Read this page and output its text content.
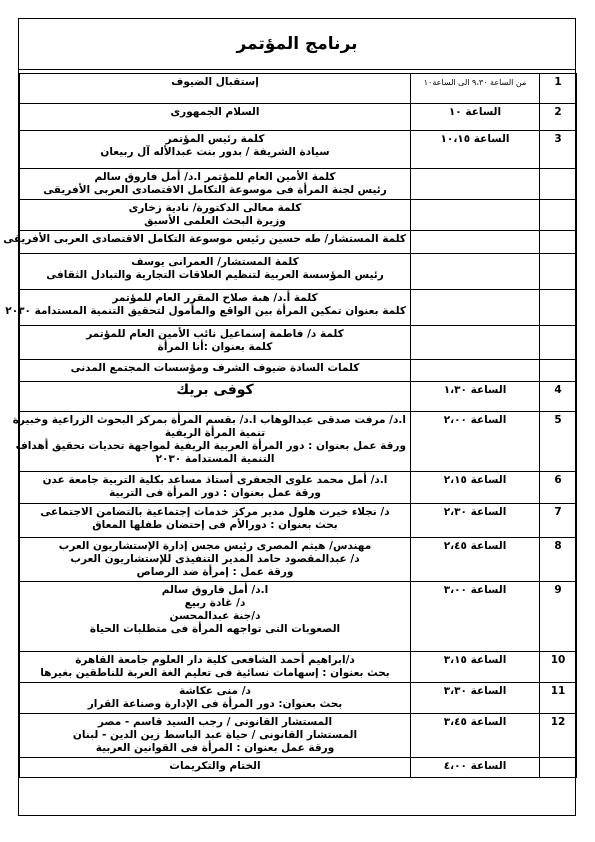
برنامج المؤتمر
1	من الساعة ٩،٣٠ الى الساعة١٠	إستقبال الضيوف

2	الساعة ١٠	السلام الجمهورى

3	الساعة ١٠،١٥	كلمة رئيس المؤتمر
سيادة الشريفة / بدور بنت عبدالأله آل ربيعان

		كلمة الأمين العام للمؤتمر ا.د/ أمل فاروق سالم
رئيس لجنة المرأة فى موسوعة التكامل الاقتصادى العربى الأفريقى

		كلمة معالى الدكتورة/ نادية زخارى
وزيرة البحث العلمى الأسبق

		كلمة المستشار/ طه حسين رئيس موسوعة التكامل الاقتصادى العربى الأفريقى

		كلمة المستشار/ العمرانى يوسف
رئيس المؤسسة العربية لتنظيم العلاقات التجارية والتبادل الثقافى

		كلمة أ.د/ هبة صلاح المقرر العام للمؤتمر
كلمة بعنوان تمكين المرأة بين الواقع والمأمول لتحقيق التنمية المستدامة ٢٠٣٠

		كلمة د/ فاطمة إسماعيل نائب الأمين العام للمؤتمر
كلمة بعنوان :أنا المرأة

		كلمات السادة ضيوف الشرف ومؤسسات المجتمع المدنى

4	الساعة ١،٣٠	كوفى بريك

5	الساعة ٢،٠٠	ا.د/ مرفت صدقى عبدالوهاب ا.د/ بقسم المرأة بمركز البحوث الزراعية وخبيرة
تنمية المرأة الريفية
ورقة عمل بعنوان : دور المرأة العربية الريفية لمواجهة تحديات تحقيق أهداف
التنمية المستدامة ٢٠٣٠

6	الساعة ٢،١٥	ا.د/ أمل محمد علوى الجعفرى أستاذ مساعد بكلية التربية جامعة عدن
ورقة عمل بعنوان : دور المرأة فى التربية

7	الساعة ٢،٣٠	د/ نجلاء خيرت هلول مدير مركز خدمات إجتماعية بالتضامن الاجتماعى
بحث بعنوان : دورالأم فى إحتضان طفلها المعاق

8	الساعة ٢،٤٥	مهندس/ هيثم المصرى رئيس مجس إدارة الإستشاريون العرب
د/ عبدالمقصود حامد المدير التنفيذى للإستشاريون العرب
ورقة عمل : إمرأة ضد الرصاص

9	الساعة ٣،٠٠	ا.د/ أمل فاروق سالم
د/ غادة ربيع
د/جنة عبدالمحسن
الصعوبات التى تواجهه المرأة فى متطلبات الحياة

10	الساعة ٣،١٥	د/ابراهيم أحمد الشافعى كلية دار العلوم جامعة القاهرة
بحث بعنوان : إسهامات نسائية فى تعليم الغة العربة للناطقين بغيرها

11	الساعة ٣،٣٠	د/ منى عكاشة
بحث بعنوان: دور المرأة فى الإدارة وصناعة القرار

12	الساعة ٣،٤٥	المستشار القانونى / رجب السيد قاسم - مصر
المستشار القانونى / حياة عبد الباسط زين الدين - لبنان
ورقة عمل بعنوان : المرأة فى القوانين العربية

	الساعة ٤،٠٠	الختام والتكريمات
